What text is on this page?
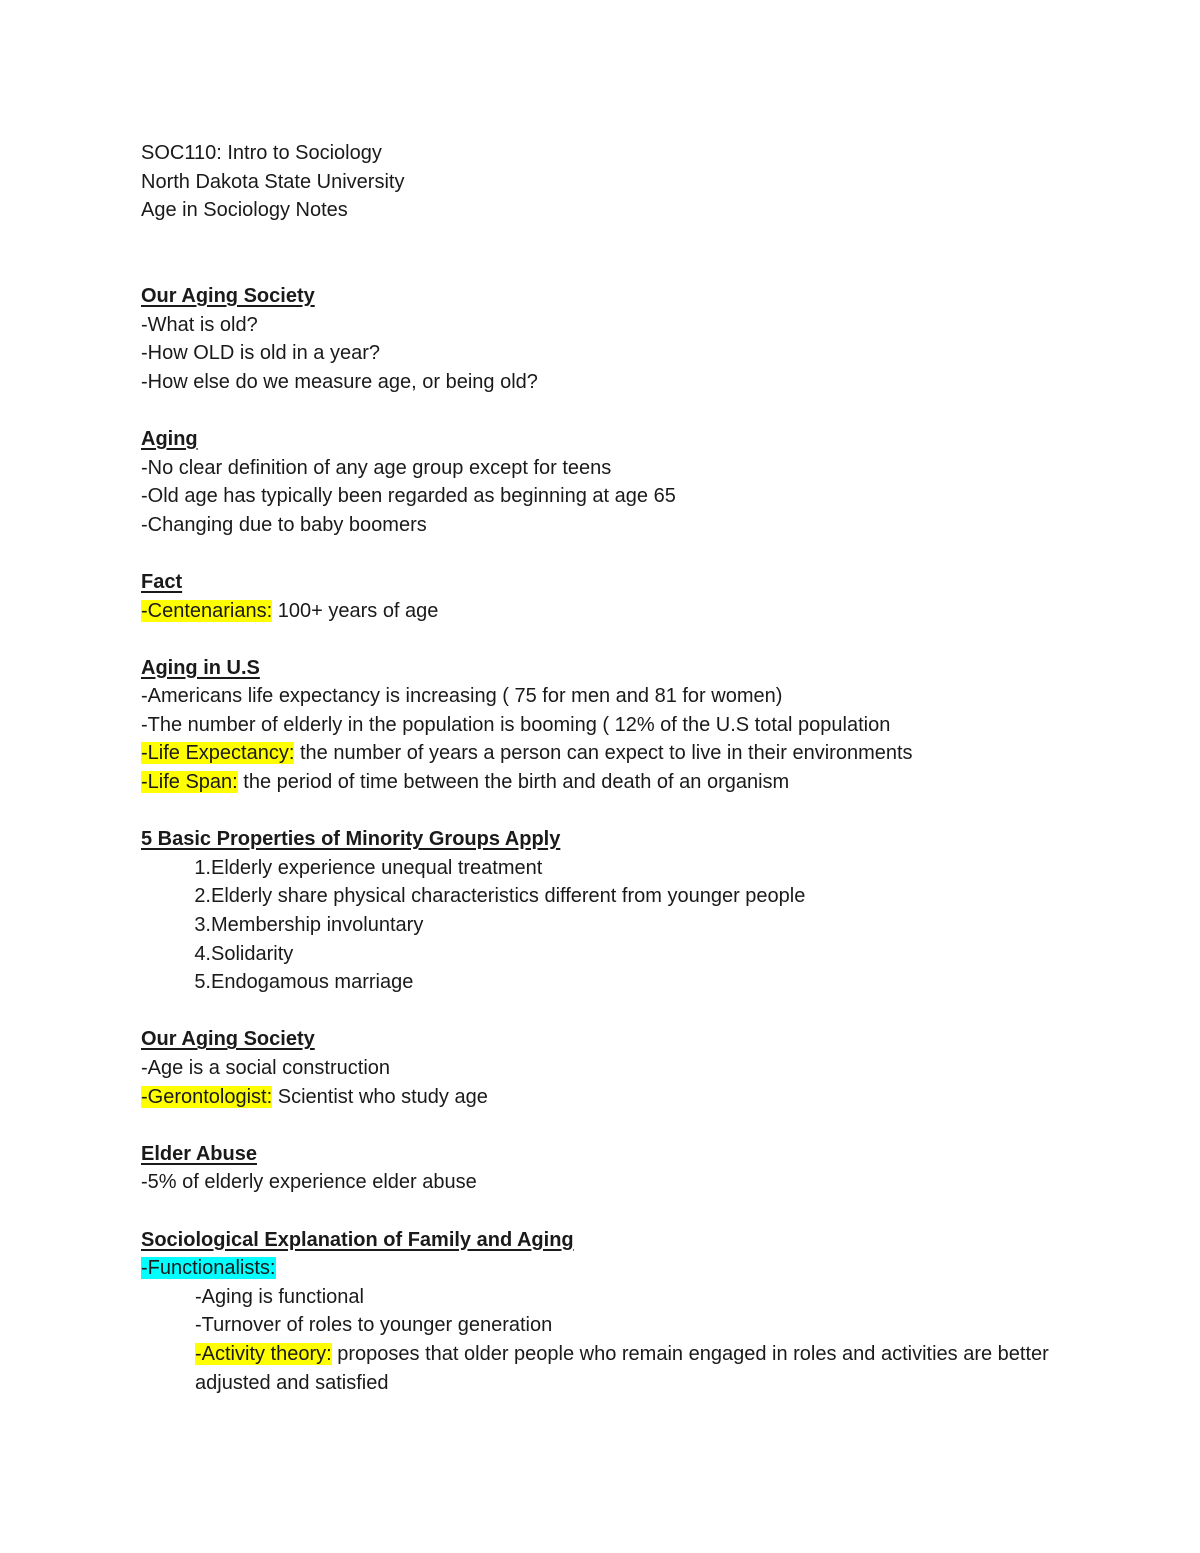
SOC110: Intro to Sociology
North Dakota State University
Age in Sociology Notes
Our Aging Society
-What is old?
-How OLD is old in a year?
-How else do we measure age, or being old?
Aging
-No clear definition of any age group except for teens
-Old age has typically been regarded as beginning at age 65
-Changing due to baby boomers
Fact
-Centenarians: 100+ years of age
Aging in U.S
-Americans life expectancy is increasing ( 75 for men and 81 for women)
-The number of elderly in the population is booming ( 12% of the U.S total population
-Life Expectancy: the number of years a person can expect to live in their environments
-Life Span: the period of time between the birth and death of an organism
5 Basic Properties of Minority Groups Apply
1. Elderly experience unequal treatment
2. Elderly share physical characteristics different from younger people
3. Membership involuntary
4. Solidarity
5. Endogamous marriage
Our Aging Society
-Age is a social construction
-Gerontologist: Scientist who study age
Elder Abuse
-5% of elderly experience elder abuse
Sociological Explanation of Family and Aging
-Functionalists:
-Aging is functional
-Turnover of roles to younger generation
-Activity theory: proposes that older people who remain engaged in roles and activities are better adjusted and satisfied
